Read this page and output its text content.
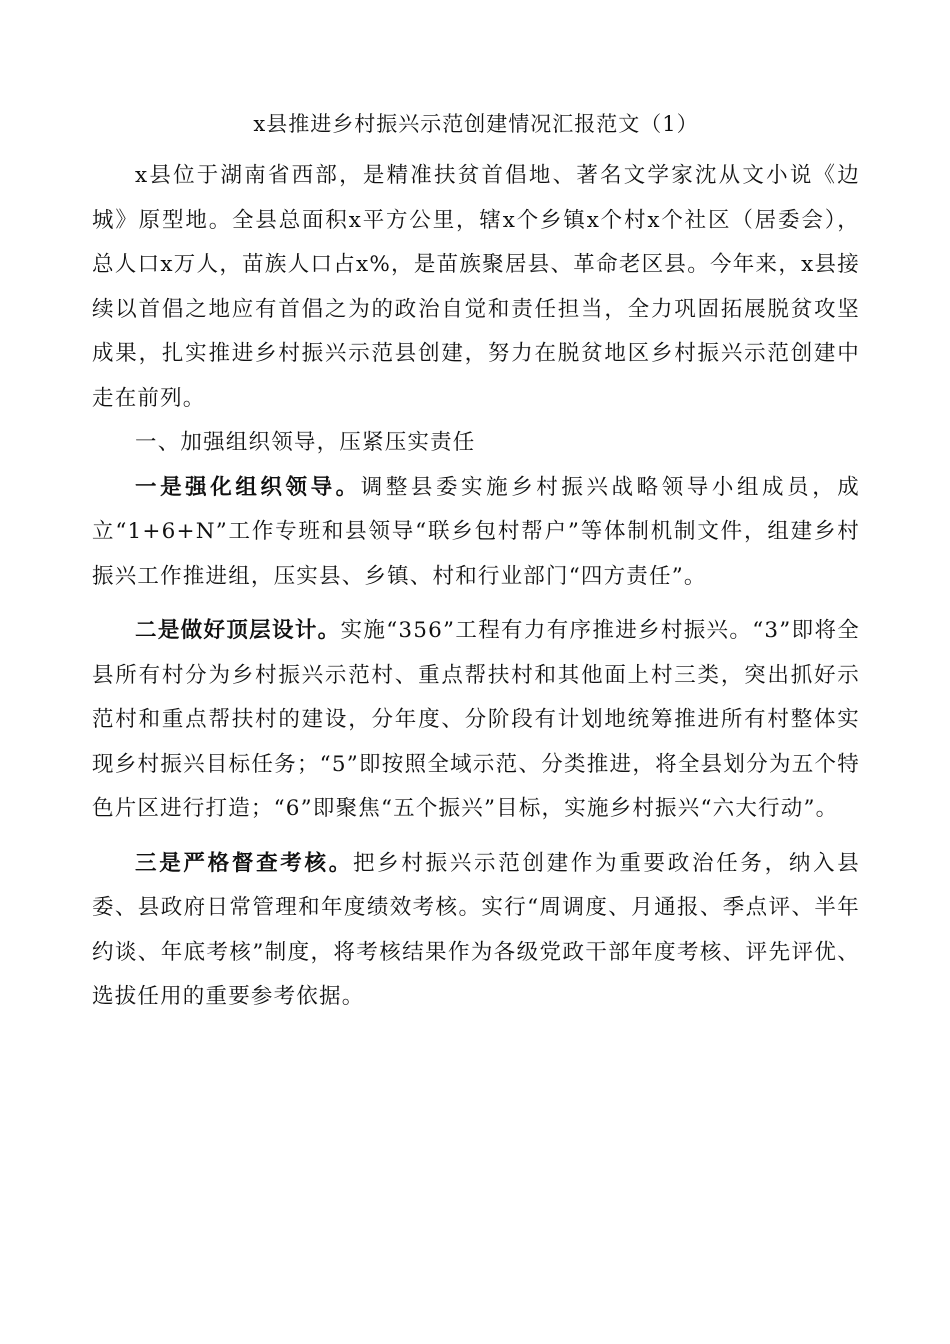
x县推进乡村振兴示范创建情况汇报范文（1）

x县位于湖南省西部，是精准扶贫首倡地、著名文学家沈从文小说《边城》原型地。全县总面积x平方公里，辖x个乡镇x个村x个社区（居委会），总人口x万人，苗族人口占x%，是苗族聚居县、革命老区县。今年来，x县接续以首倡之地应有首倡之为的政治自觉和责任担当，全力巩固拓展脱贫攻坚成果，扎实推进乡村振兴示范县创建，努力在脱贫地区乡村振兴示范创建中走在前列。

一、加强组织领导，压紧压实责任

一是强化组织领导。调整县委实施乡村振兴战略领导小组成员，成立“1+6+N”工作专班和县领导“联乡包村帮户”等体制机制文件，组建乡村振兴工作推进组，压实县、乡镇、村和行业部门“四方责任”。

二是做好顶层设计。实施“356”工程有力有序推进乡村振兴。“3”即将全县所有村分为乡村振兴示范村、重点帮扶村和其他面上村三类，突出抓好示范村和重点帮扶村的建设，分年度、分阶段有计划地统筹推进所有村整体实现乡村振兴目标任务；“5”即按照全域示范、分类推进，将全县划分为五个特色片区进行打造；“6”即聚焦“五个振兴”目标，实施乡村振兴“六大行动”。

三是严格督查考核。把乡村振兴示范创建作为重要政治任务，纳入县委、县政府日常管理和年度绩效考核。实行“周调度、月通报、季点评、半年约谈、年底考核”制度，将考核结果作为各级党政干部年度考核、评先评优、选拔任用的重要参考依据。
